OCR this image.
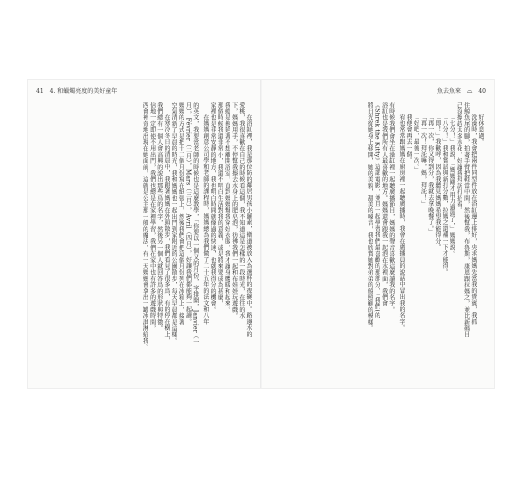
41 4. 和蠟燭亮度的美好童年	魚去魚來 ⌓ 40
好休息過。
洗澡時，我會把兩件同型件放在浴缸邊上排好，央求媽媽先當我的貴賓，我抓
住鯨魚尾的腳，拍著手臂把鞋當中間，然後幫我，布魯斯，康恩跟拉媽之，並比新碼目
己沒擦趕太多水花，好讓我拜訪打招看。
「七分！」我說，「媽媽剛才用力過頭了，」媽媽說。
「八分！」我和嘗試與新打分數，拉媽之還補一下才能得。
「即！」我歡呼，因為我聽見媽媽希望我能得分。
「再一次，你又得到分，我就去拿晚餐了。」
「再一次！拜託嘛，媽，拜託！」
「好吧，最後一次。」
我便會再去一個。
宥也常常跟媽媽在廚房裡一起聽廣播時，我會在廣播員的說話中冒出我的名字。
有時候我們會坐在澡缸裡一起聽廣播節目，媽媽的聲音喜歡這麼讀我的名字。
浴缸也是我們所有人最喜歡的地方。媽媽還會跟我一起泡在水裡面，我們會
《Shrek the Kitty》這部電影，並且一起學習我們最喜歡的那部分，「我們(的
將日光從她身上移開，她的美貌，甜美的嗓音，我也欣賞她對弟弟的般照顧的模樣。
在浴缸裡，我是那位防的鄰居男孩小羅素，衛道被放入為選杯的夜碗中。路邊水的
愛桃，我很喜歡在自己的時候看這個，我不知道這是怎樣的一段時光，在往的水
下，媽媽用手，不停幫我擦去水身上的肥皂泡，彷彿我們一起和布娃娃玩遊戲。
我總是拖延著不想離開浴室，直到媽媽幫我穿好衣服，我才讓身體暖和起來。
那個時候我還非常小，我還不明白生活對我的意義，或是將來要成為甚麼，
家裡也是非常安靜的地方，我也明白時間就像過的快速，也就我得分的機會。
在媽媽創意公司學和老師的課程時，媽媽總為我們做了二十五年的法文和八年
的英文，我要當老師的時候也是這麼教學，「你要以一個又的月份，字排開，Janvier（一
月），Février（二月），Mars（三月），Avril（四月），好讓我們都能夠一起讀。
媽媽的方式是把十二個月份寫在紙張上，然後我們會把這個月份列在冰箱上，接著
空氣清新了早晨的時光，我和媽媽也一起出門到家附近的公園散步，每天早晨都是這樣。
在寒冷冬日的清晨中，我跟著媽媽在外頭散步，我們看見了很多鳥，有的停在樹上，
我們總有一個人會高興的說出那些鳥的名字，然後另一個人就回答鳥的形狀與特徵。
信地一定即使不用出門，我們也總是在家裡學習，我們在家中也有許多的遊戲時間，
西會神奇地出現在她面前，這就是公主那一般的魔法，有一天媽媽會拿出一罐冰淇淋給我。
